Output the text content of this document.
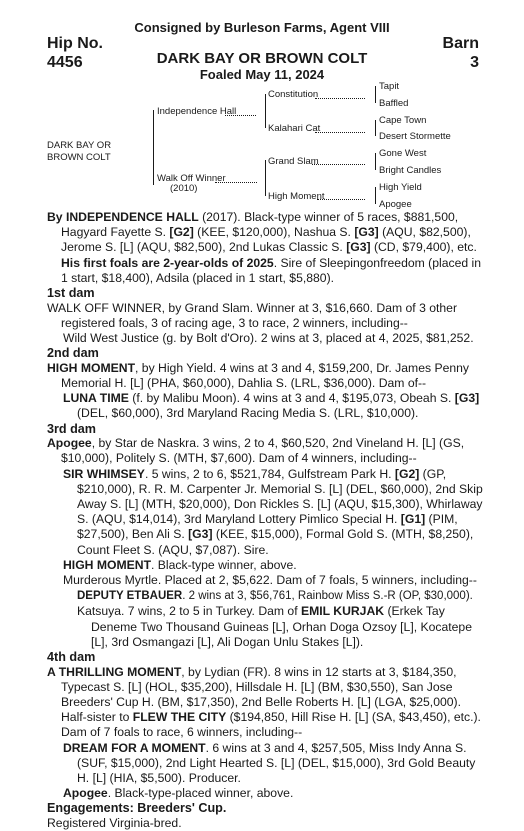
Consigned by Burleson Farms, Agent VIII
Hip No.
4456
Barn
3
DARK BAY OR BROWN COLT
Foaled May 11, 2024
DARK BAY OR
BROWN COLT
Independence Hall
Walk Off Winner
(2010)
Constitution
Kalahari Cat
Grand Slam
High Moment
Tapit
Baffled
Cape Town
Desert Stormette
Gone West
Bright Candles
High Yield
Apogee

By INDEPENDENCE HALL (2017). Black-type winner of 5 races, $881,500, Hagyard Fayette S. [G2] (KEE, $120,000), Nashua S. [G3] (AQU, $82,500), Jerome S. [L] (AQU, $82,500), 2nd Lukas Classic S. [G3] (CD, $79,400), etc. His first foals are 2-year-olds of 2025. Sire of Sleepingonfreedom (placed in 1 start, $18,400), Adsila (placed in 1 start, $5,880).

1st dam

WALK OFF WINNER, by Grand Slam. Winner at 3, $16,660. Dam of 3 other registered foals, 3 of racing age, 3 to race, 2 winners, including--

Wild West Justice (g. by Bolt d'Oro). 2 wins at 3, placed at 4, 2025, $81,252.

2nd dam

HIGH MOMENT, by High Yield. 4 wins at 3 and 4, $159,200, Dr. James Penny Memorial H. [L] (PHA, $60,000), Dahlia S. (LRL, $36,000). Dam of--

LUNA TIME (f. by Malibu Moon). 4 wins at 3 and 4, $195,073, Obeah S. [G3] (DEL, $60,000), 3rd Maryland Racing Media S. (LRL, $10,000).

3rd dam

Apogee, by Star de Naskra. 3 wins, 2 to 4, $60,520, 2nd Vineland H. [L] (GS, $10,000), Politely S. (MTH, $7,600). Dam of 4 winners, including--

SIR WHIMSEY. 5 wins, 2 to 6, $521,784, Gulfstream Park H. [G2] (GP, $210,000), R. R. M. Carpenter Jr. Memorial S. [L] (DEL, $60,000), 2nd Skip Away S. [L] (MTH, $20,000), Don Rickles S. [L] (AQU, $15,300), Whirlaway S. (AQU, $14,014), 3rd Maryland Lottery Pimlico Special H. [G1] (PIM, $27,500), Ben Ali S. [G3] (KEE, $15,000), Formal Gold S. (MTH, $8,250), Count Fleet S. (AQU, $7,087). Sire.

HIGH MOMENT. Black-type winner, above.

Murderous Myrtle. Placed at 2, $5,622. Dam of 7 foals, 5 winners, including--

DEPUTY ETBAUER. 2 wins at 3, $56,761, Rainbow Miss S.-R (OP, $30,000).

Katsuya. 7 wins, 2 to 5 in Turkey. Dam of EMIL KURJAK (Erkek Tay Deneme Two Thousand Guineas [L], Orhan Doga Ozsoy [L], Kocatepe [L], 3rd Osmangazi [L], Ali Dogan Unlu Stakes [L]).

4th dam

A THRILLING MOMENT, by Lydian (FR). 8 wins in 12 starts at 3, $184,350, Typecast S. [L] (HOL, $35,200), Hillsdale H. [L] (BM, $30,550), San Jose Breeders' Cup H. (BM, $17,350), 2nd Belle Roberts H. [L] (LGA, $25,000). Half-sister to FLEW THE CITY ($194,850, Hill Rise H. [L] (SA, $43,450), etc.). Dam of 7 foals to race, 6 winners, including--

DREAM FOR A MOMENT. 6 wins at 3 and 4, $257,505, Miss Indy Anna S. (SUF, $15,000), 2nd Light Hearted S. [L] (DEL, $15,000), 3rd Gold Beauty H. [L] (HIA, $5,500). Producer.

Apogee. Black-type-placed winner, above.

Engagements: Breeders' Cup.

Registered Virginia-bred.
